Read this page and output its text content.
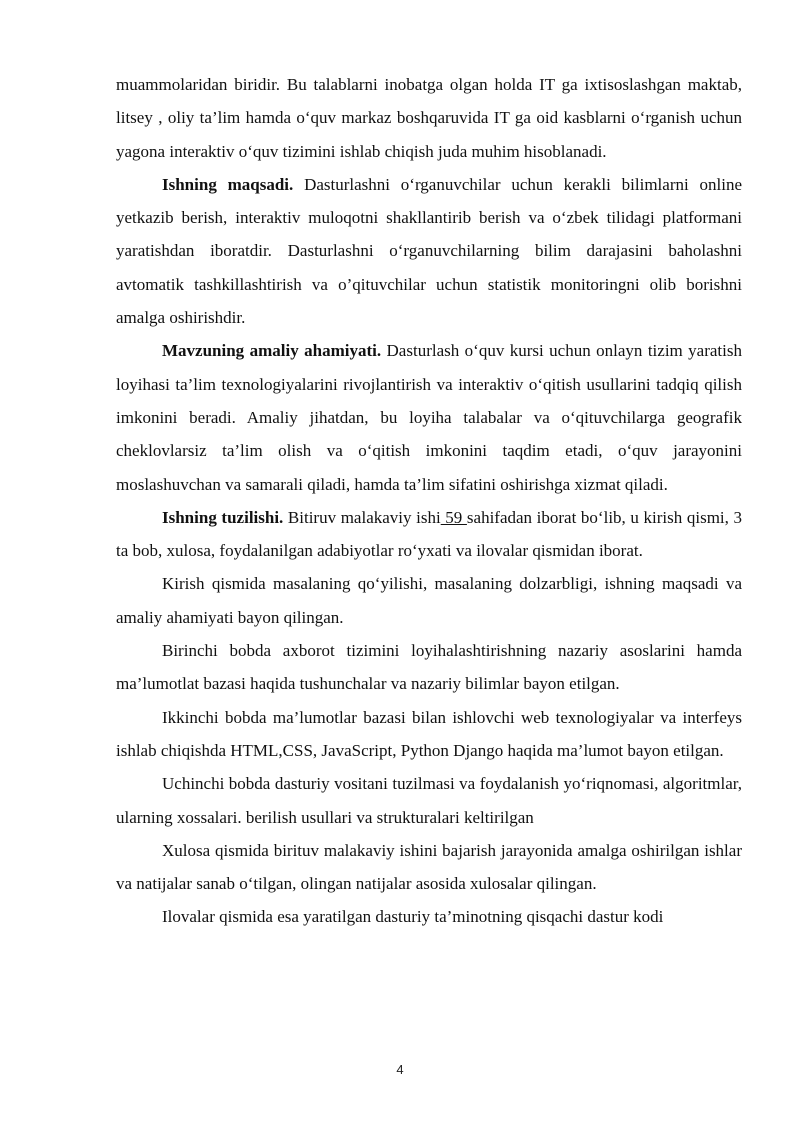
muammolaridan biridir. Bu talablarni inobatga olgan holda IT ga ixtisoslashgan maktab, litsey , oliy ta’lim hamda o‘quv markaz boshqaruvida IT ga oid kasblarni o‘rganish uchun yagona interaktiv o‘quv tizimini ishlab chiqish juda muhim hisoblanadi.

Ishning maqsadi. Dasturlashni o‘rganuvchilar uchun kerakli bilimlarni online yetkazib berish, interaktiv muloqotni shakllantirib berish va o‘zbek tilidagi platformani yaratishdan iboratdir. Dasturlashni o‘rganuvchilarning bilim darajasini baholashni avtomatik tashkillashtirish va o’qituvchilar uchun statistik monitoringni olib borishni amalga oshirishdir.

Mavzuning amaliy ahamiyati. Dasturlash o‘quv kursi uchun onlayn tizim yaratish loyihasi ta’lim texnologiyalarini rivojlantirish va interaktiv o‘qitish usullarini tadqiq qilish imkonini beradi. Amaliy jihatdan, bu loyiha talabalar va o‘qituvchilarga geografik cheklovlarsiz ta’lim olish va o‘qitish imkonini taqdim etadi, o‘quv jarayonini moslashuvchan va samarali qiladi, hamda ta’lim sifatini oshirishga xizmat qiladi.

Ishning tuzilishi. Bitiruv malakaviy ishi 59 sahifadan iborat bo‘lib, u kirish qismi, 3 ta bob, xulosa, foydalanilgan adabiyotlar ro‘yxati va ilovalar qismidan iborat.

Kirish qismida masalaning qo‘yilishi, masalaning dolzarbligi, ishning maqsadi va amaliy ahamiyati bayon qilingan.

Birinchi bobda axborot tizimini loyihalashtirishning nazariy asoslarini hamda ma’lumotlat bazasi haqida tushunchalar va nazariy bilimlar bayon etilgan.

Ikkinchi bobda ma’lumotlar bazasi bilan ishlovchi web texnologiyalar va interfeys ishlab chiqishda HTML,CSS, JavaScript, Python Django haqida ma’lumot bayon etilgan.

Uchinchi bobda dasturiy vositani tuzilmasi va foydalanish yo‘riqnomasi, algoritmlar, ularning xossalari. berilish usullari va strukturalari keltirilgan

Xulosa qismida birituv malakaviy ishini bajarish jarayonida amalga oshirilgan ishlar va natijalar sanab o‘tilgan, olingan natijalar asosida xulosalar qilingan.

Ilovalar qismida esa yaratilgan dasturiy ta’minotning qisqachi dastur kodi

4
